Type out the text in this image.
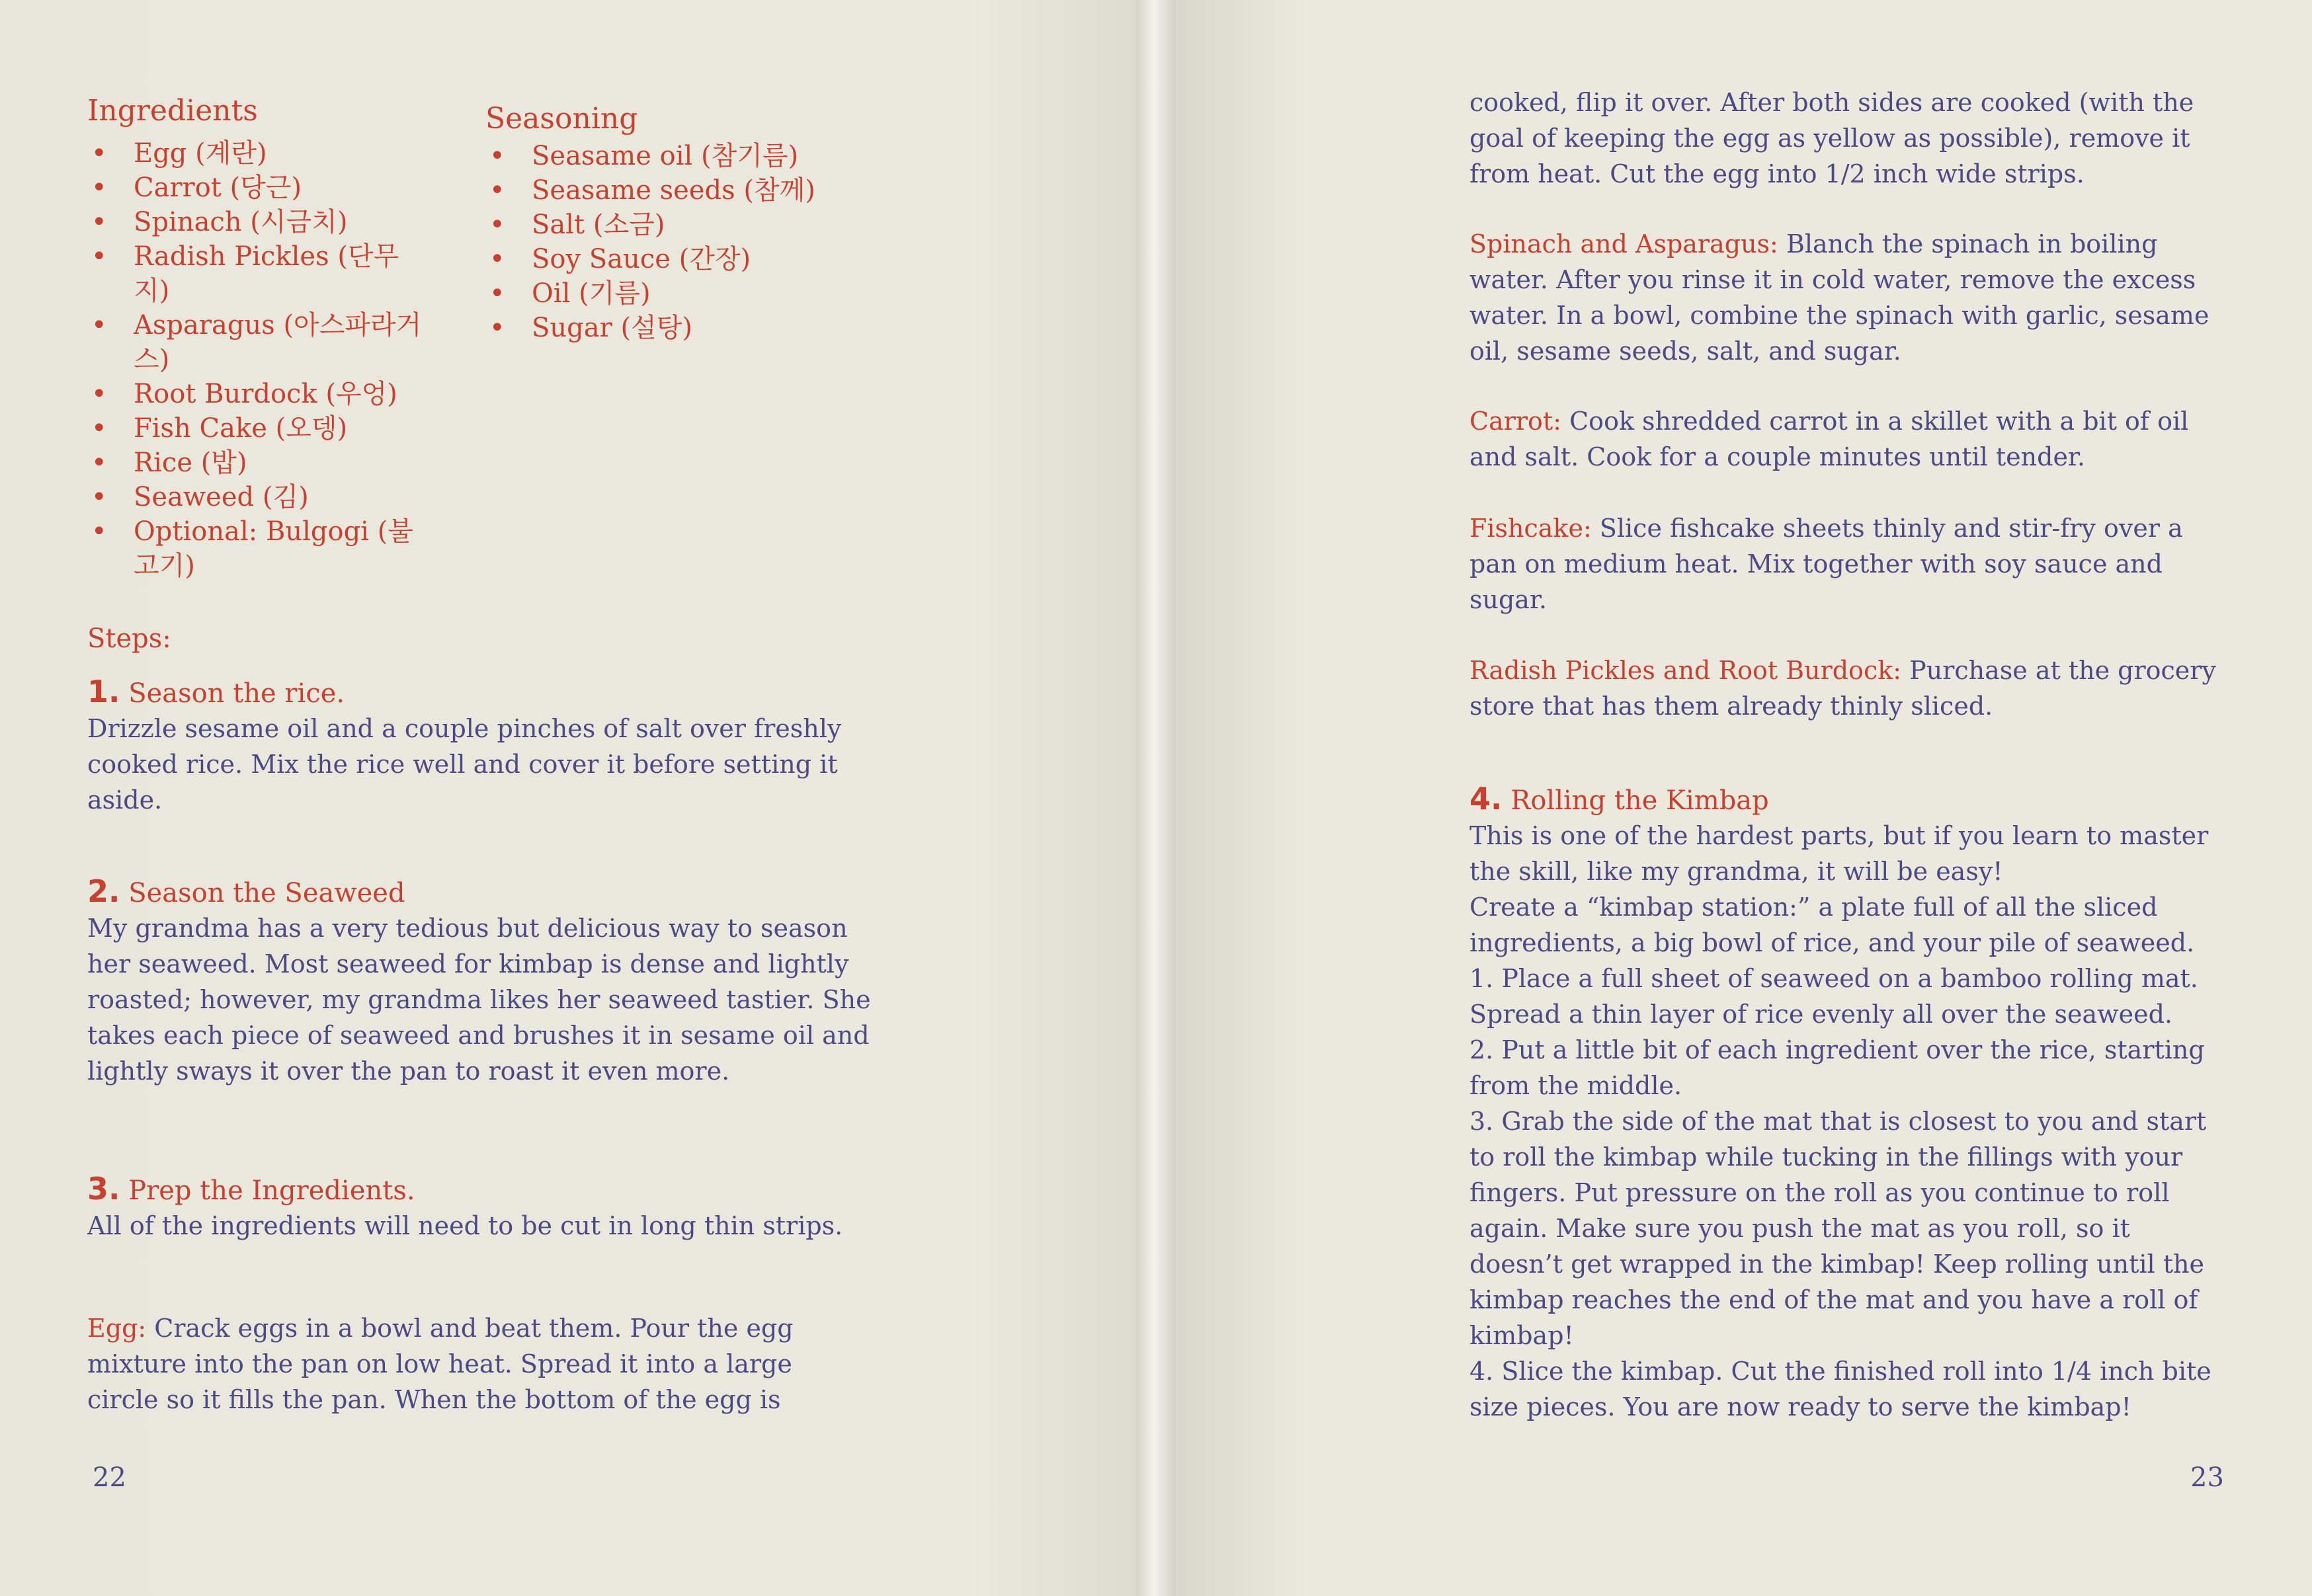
Ingredients
• Egg (계란)
• Carrot (당근)
• Spinach (시금치)
• Radish Pickles (단무지)
• Asparagus (아스파라거스)
• Root Burdock (우엉)
• Fish Cake (오뎅)
• Rice (밥)
• Seaweed (김)
• Optional: Bulgogi (불고기)
Seasoning
• Seasame oil (참기름)
• Seasame seeds (참께)
• Salt (소금)
• Soy Sauce (간장)
• Oil (기름)
• Sugar (설탕)
Steps:
1. Season the rice.

Drizzle sesame oil and a couple pinches of salt over freshly cooked rice. Mix the rice well and cover it before setting it aside.

2. Season the Seaweed

My grandma has a very tedious but delicious way to season her seaweed. Most seaweed for kimbap is dense and lightly roasted; however, my grandma likes her seaweed tastier. She takes each piece of seaweed and brushes it in sesame oil and lightly sways it over the pan to roast it even more.

3. Prep the Ingredients.

All of the ingredients will need to be cut in long thin strips.

Egg: Crack eggs in a bowl and beat them. Pour the egg mixture into the pan on low heat. Spread it into a large circle so it fills the pan. When the bottom of the egg is
22
cooked, flip it over. After both sides are cooked (with the goal of keeping the egg as yellow as possible), remove it from heat. Cut the egg into 1/2 inch wide strips.
Spinach and Asparagus: Blanch the spinach in boiling water. After you rinse it in cold water, remove the excess water. In a bowl, combine the spinach with garlic, sesame oil, sesame seeds, salt, and sugar.
Carrot: Cook shredded carrot in a skillet with a bit of oil and salt. Cook for a couple minutes until tender.
Fishcake: Slice fishcake sheets thinly and stir-fry over a pan on medium heat. Mix together with soy sauce and sugar.
Radish Pickles and Root Burdock: Purchase at the grocery store that has them already thinly sliced.
4. Rolling the Kimbap

This is one of the hardest parts, but if you learn to master the skill, like my grandma, it will be easy!

Create a “kimbap station:” a plate full of all the sliced ingredients, a big bowl of rice, and your pile of seaweed.

1. Place a full sheet of seaweed on a bamboo rolling mat. Spread a thin layer of rice evenly all over the seaweed.

2. Put a little bit of each ingredient over the rice, starting from the middle.

3. Grab the side of the mat that is closest to you and start to roll the kimbap while tucking in the fillings with your fingers. Put pressure on the roll as you continue to roll again. Make sure you push the mat as you roll, so it doesn’t get wrapped in the kimbap! Keep rolling until the kimbap reaches the end of the mat and you have a roll of kimbap!

4. Slice the kimbap. Cut the finished roll into 1/4 inch bite size pieces. You are now ready to serve the kimbap!

23
